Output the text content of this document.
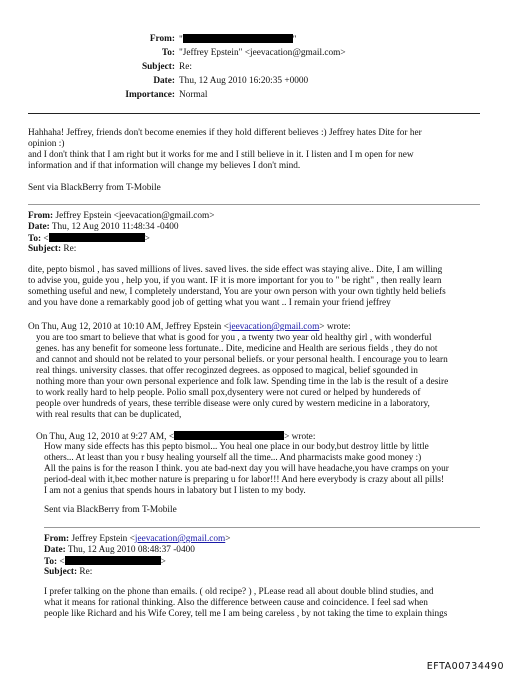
From: "	"
To: "Jeffrey Epstein" <jeevacation@gmail.com>
Subject: Re:
Date: Thu, 12 Aug 2010 16:20:35 +0000
Importance: Normal
Hahhaha! Jeffrey, friends don't become enemies if they hold different believes :) Jeffrey hates Dite for her
opinion :)
and I don't think that I am right but it works for me and I still believe in it. I listen and I m open for new
information and if that information will change my believes I don't mind.
Sent via BlackBerry from T-Mobile
From: Jeffrey Epstein <jeevacation@gmail.com>
Date: Thu, 12 Aug 2010 11:48:34 -0400
To: <	>
Subject: Re:
dite, pepto bismol , has saved millions of lives. saved lives. the side effect was staying alive.. Dite, I am willing
to advise you, guide you , help you, if you want. IF it is more important for you to " be right" , then really learn
something useful and new, I completely understand, You are your own person with your own tightly held beliefs
and you have done a remarkably good job of getting what you want .. I remain your friend jeffrey
On Thu, Aug 12, 2010 at 10:10 AM, Jeffrey Epstein <jeevacation@gmail.com> wrote:
you are too smart to believe that what is good for you , a twenty two year old healthy girl , with wonderful
genes. has any benefit for someone less fortunate.. Dite, medicine and Health are serious fields , they do not
and cannot and should not be related to your personal beliefs. or your personal health. I encourage you to learn
real things. university classes. that offer recoginzed degrees. as opposed to magical, belief sgounded in
nothing more than your own personal experience and folk law. Spending time in the lab is the result of a desire
to work really hard to help people. Polio small pox,dysentery were not cured or helped by hundereds of
people over hundreds of years, these terrible disease were only cured by western medicine in a laboratory,
with real results that can be duplicated,
On Thu, Aug 12, 2010 at 9:27 AM, <	> wrote:
How many side effects has this pepto bismol... You heal one place in our body,but destroy little by little
others... At least than you r busy healing yourself all the time... And pharmacists make good money :)
All the pains is for the reason I think. you ate bad-next day you will have headache,you have cramps on your
period-deal with it,bec mother nature is preparing u for labor!!! And here everybody is crazy about all pills!
I am not a genius that spends hours in labatory but I listen to my body.
Sent via BlackBerry from T-Mobile
From: Jeffrey Epstein <jeevacation@gmail.com>
Date: Thu, 12 Aug 2010 08:48:37 -0400
To: <	>
Subject: Re:
I prefer talking on the phone than emails. ( old recipe? ) , PLease read all about double blind studies, and
what it means for rational thinking. Also the difference between cause and coincidence. I feel sad when
people like Richard and his Wife Corey, tell me I am being careless , by not taking the time to explain things
EFTA00734490
